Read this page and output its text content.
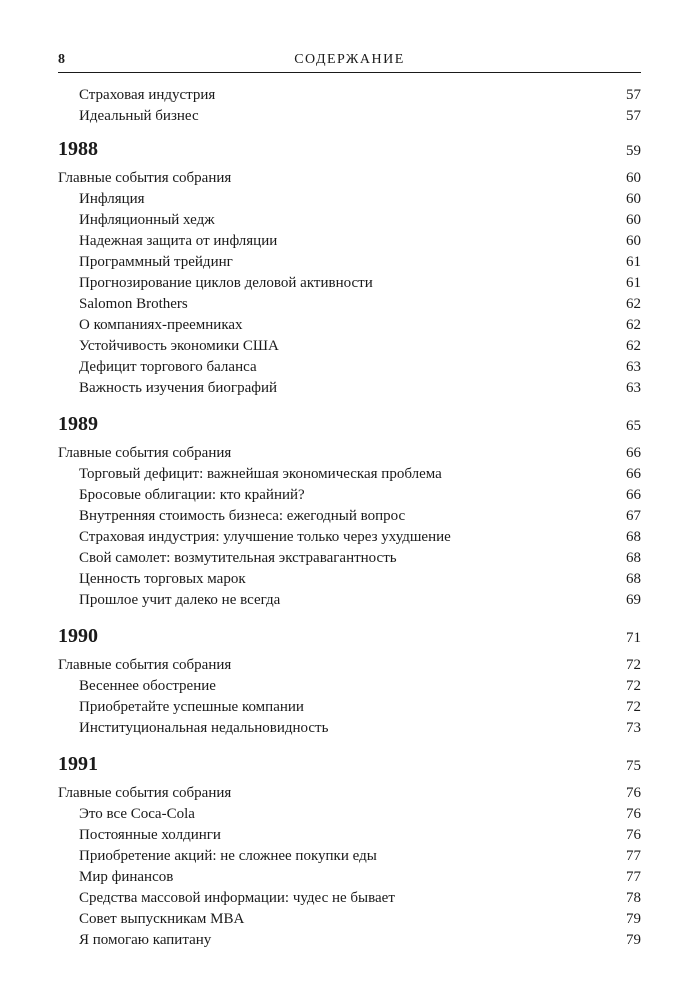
8	СОДЕРЖАНИЕ
Страховая индустрия	57
Идеальный бизнес	57
1988	59
Главные события собрания	60
Инфляция	60
Инфляционный хедж	60
Надежная защита от инфляции	60
Программный трейдинг	61
Прогнозирование циклов деловой активности	61
Salomon Brothers	62
О компаниях-преемниках	62
Устойчивость экономики США	62
Дефицит торгового баланса	63
Важность изучения биографий	63
1989	65
Главные события собрания	66
Торговый дефицит: важнейшая экономическая проблема	66
Бросовые облигации: кто крайний?	66
Внутренняя стоимость бизнеса: ежегодный вопрос	67
Страховая индустрия: улучшение только через ухудшение	68
Свой самолет: возмутительная экстравагантность	68
Ценность торговых марок	68
Прошлое учит далеко не всегда	69
1990	71
Главные события собрания	72
Весеннее обострение	72
Приобретайте успешные компании	72
Институциональная недальновидность	73
1991	75
Главные события собрания	76
Это все Coca-Cola	76
Постоянные холдинги	76
Приобретение акций: не сложнее покупки еды	77
Мир финансов	77
Средства массовой информации: чудес не бывает	78
Совет выпускникам MBA	79
Я помогаю капитану	79
